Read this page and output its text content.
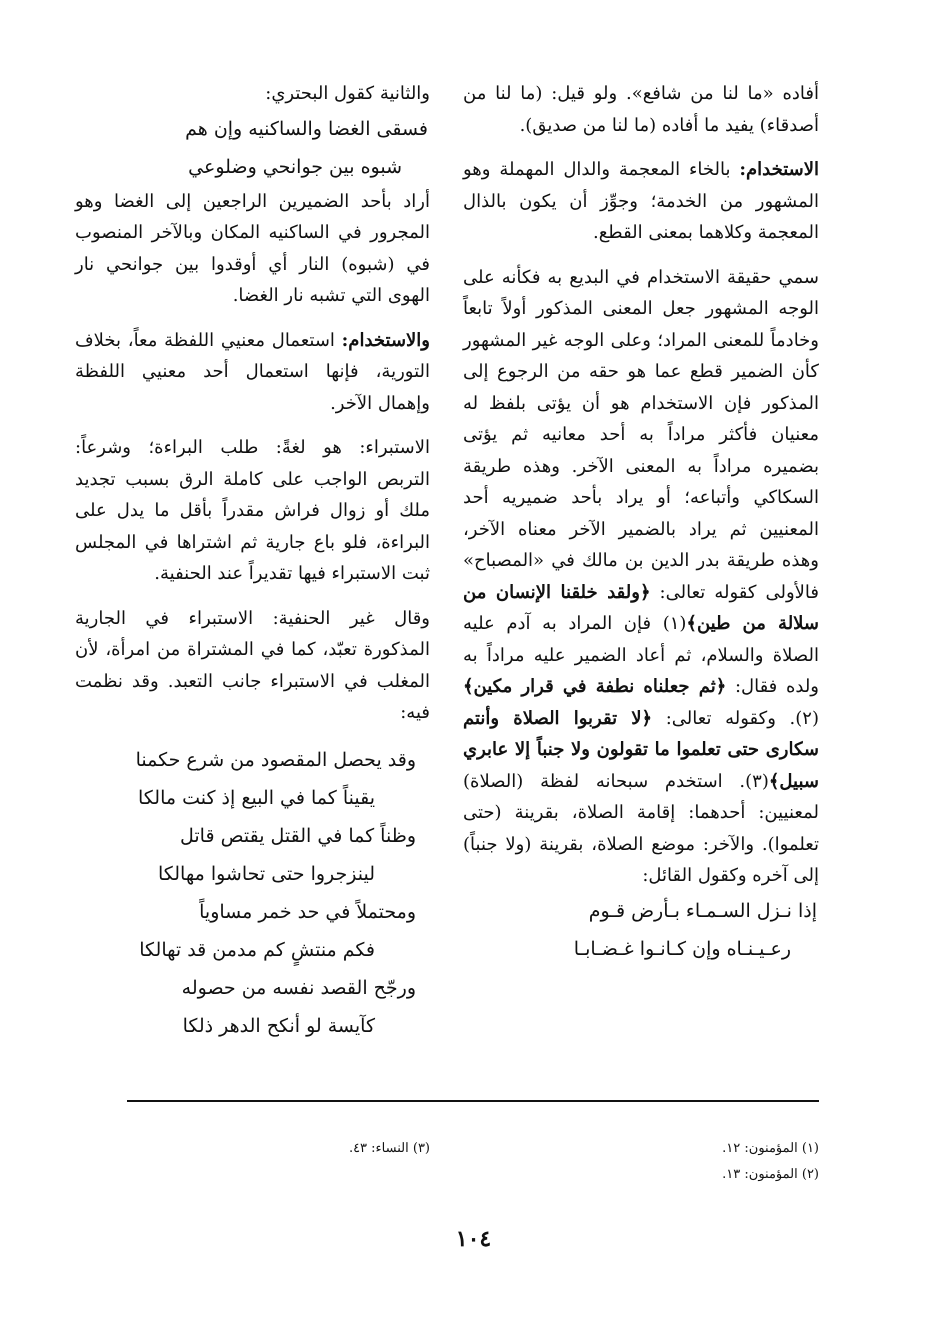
أفاده «ما لنا من شافع». ولو قيل: (ما لنا من أصدقاء) يفيد ما أفاده (ما لنا من صديق).

الاستخدام: بالخاء المعجمة والدال المهملة وهو المشهور من الخدمة؛ وجوِّز أن يكون بالذال المعجمة وكلاهما بمعنى القطع.

سمي حقيقة الاستخدام في البديع به فكأنه على الوجه المشهور جعل المعنى المذكور أولاً تابعاً وخادماً للمعنى المراد؛ وعلى الوجه غير المشهور كأن الضمير قطع عما هو حقه من الرجوع إلى المذكور فإن الاستخدام هو أن يؤتى بلفظ له معنيان فأكثر مراداً به أحد معانيه ثم يؤتى بضميره مراداً به المعنى الآخر. وهذه طريقة السكاكي وأتباعه؛ أو يراد بأحد ضميريه أحد المعنيين ثم يراد بالضمير الآخر معناه الآخر، وهذه طريقة بدر الدين بن مالك في «المصباح» فالأولى كقوله تعالى: ﴿ولقد خلقنا الإنسان من سلالة من طين﴾(١) فإن المراد به آدم عليه الصلاة والسلام، ثم أعاد الضمير عليه مراداً به ولده فقال: ﴿ثم جعلناه نطفة في قرار مكين﴾(٢). وكقوله تعالى: ﴿لا تقربوا الصلاة وأنتم سكارى حتى تعلموا ما تقولون ولا جنباً إلا عابري سبيل﴾(٣). استخدم سبحانه لفظة (الصلاة) لمعنيين: أحدهما: إقامة الصلاة، بقرينة (حتى تعلموا). والآخر: موضع الصلاة، بقرينة (ولا جنباً) إلى آخره وكقول القائل:

إذا نـزل السـمـاء بـأرض قـوم
رعـيـنـاه وإن كـانـوا غـضـابـا

والثانية كقول البحتري:

فسقى الغضا والساكنيه وإن هم
شبوه بين جوانحي وضلوعي

أراد بأحد الضميرين الراجعين إلى الغضا وهو المجرور في الساكنيه المكان وبالآخر المنصوب في (شبوه) النار أي أوقدوا بين جوانحي نار الهوى التي تشبه نار الغضا.

والاستخدام: استعمال معنيي اللفظة معاً، بخلاف التورية، فإنها استعمال أحد معنيي اللفظة وإهمال الآخر.

الاستبراء: هو لغةً: طلب البراءة؛ وشرعاً: التربص الواجب على كاملة الرق بسبب تجديد ملك أو زوال فراش مقدراً بأقل ما يدل على البراءة، فلو باع جارية ثم اشتراها في المجلس ثبت الاستبراء فيها تقديراً عند الحنفية.

وقال غير الحنفية: الاستبراء في الجارية المذكورة تعبّد، كما في المشتراة من امرأة، لأن المغلب في الاستبراء جانب التعبد. وقد نظمت فيه:

وقد يحصل المقصود من شرع حكمنا
يقيناً كما في البيع إذ كنت مالكا
وظناً كما في القتل يقتص قاتل
لينزجروا حتى تحاشوا مهالكا
ومحتملاً في حد خمر مساوياً
فكم منتشٍ كم مدمن قد تهالكا
ورجّح القصد نفسه من حصوله
كآيسة لو أنكح الدهر ذلكا
(١) المؤمنون: ١٢.
(٢) المؤمنون: ١٣.
(٣) النساء: ٤٣.
١٠٤
